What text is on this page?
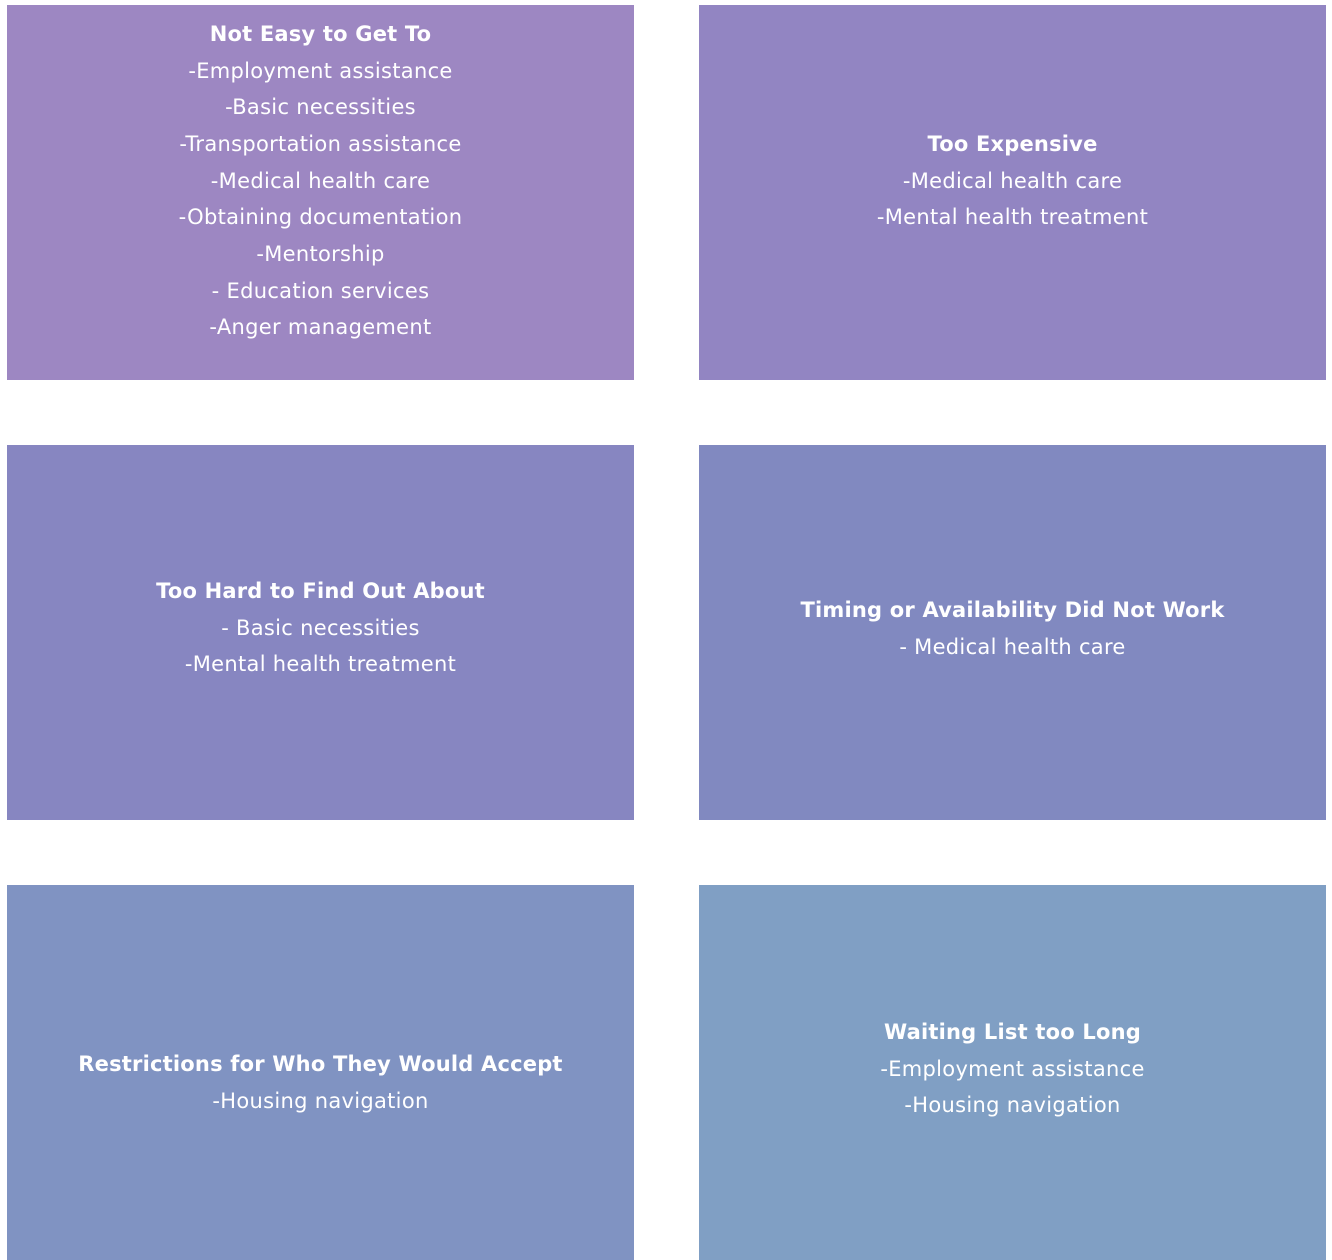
Not Easy to Get To
-Employment assistance
-Basic necessities
-Transportation assistance
-Medical health care
-Obtaining documentation
-Mentorship
- Education services
-Anger management
Too Expensive
-Medical health care
-Mental health treatment
Too Hard to Find Out About
- Basic necessities
-Mental health treatment
Timing or Availability Did Not Work
- Medical health care
Restrictions for Who They Would Accept
-Housing navigation
Waiting List too Long
-Employment assistance
-Housing navigation
